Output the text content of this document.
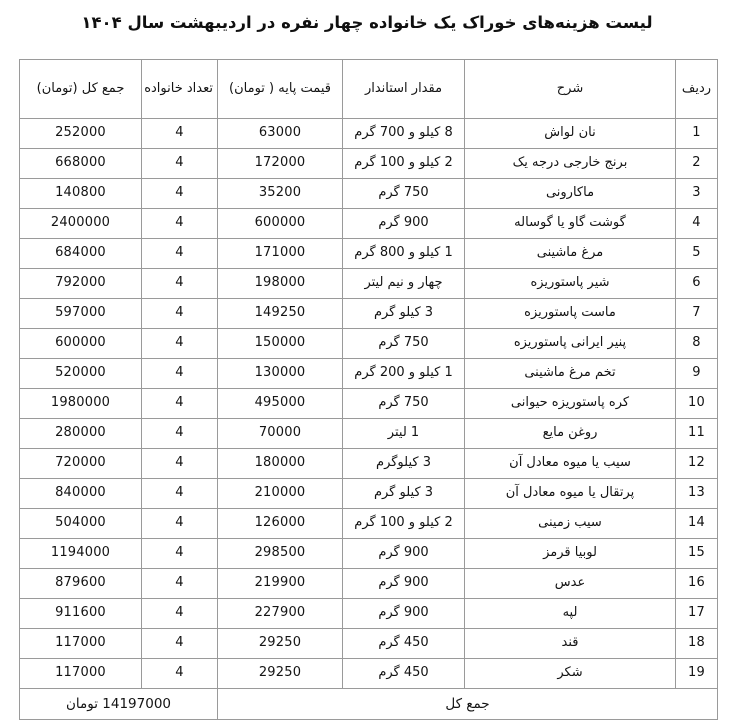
لیست هزینه‌های خوراک یک خانواده چهار نفره در اردیبهشت سال ۱۴۰۴
ردیف	شرح	مقدار استاندار	قیمت پایه ( تومان)	تعداد خانواده	جمع کل (تومان)
1	نان لواش	8 کیلو و 700 گرم	63000	4	252000
2	برنج خارجی درجه یک	2 کیلو و 100 گرم	172000	4	668000
3	ماکارونی	750 گرم	35200	4	140800
4	گوشت گاو یا گوساله	900 گرم	600000	4	2400000
5	مرغ ماشینی	1 کیلو و 800 گرم	171000	4	684000
6	شیر پاستوریزه	چهار و نیم لیتر	198000	4	792000
7	ماست پاستوریزه	3 کیلو گرم	149250	4	597000
8	پنیر ایرانی پاستوریزه	750 گرم	150000	4	600000
9	تخم مرغ ماشینی	1 کیلو و 200 گرم	130000	4	520000
10	کره پاستوریزه حیوانی	750 گرم	495000	4	1980000
11	روغن مایع	1 لیتر	70000	4	280000
12	سیب یا میوه معادل آن	3 کیلوگرم	180000	4	720000
13	پرتقال یا میوه معادل آن	3 کیلو گرم	210000	4	840000
14	سیب زمینی	2 کیلو و 100 گرم	126000	4	504000
15	لوبیا قرمز	900 گرم	298500	4	1194000
16	عدس	900 گرم	219900	4	879600
17	لپه	900 گرم	227900	4	911600
18	قند	450 گرم	29250	4	117000
19	شکر	450 گرم	29250	4	117000
جمع کل				14197000 تومان	
